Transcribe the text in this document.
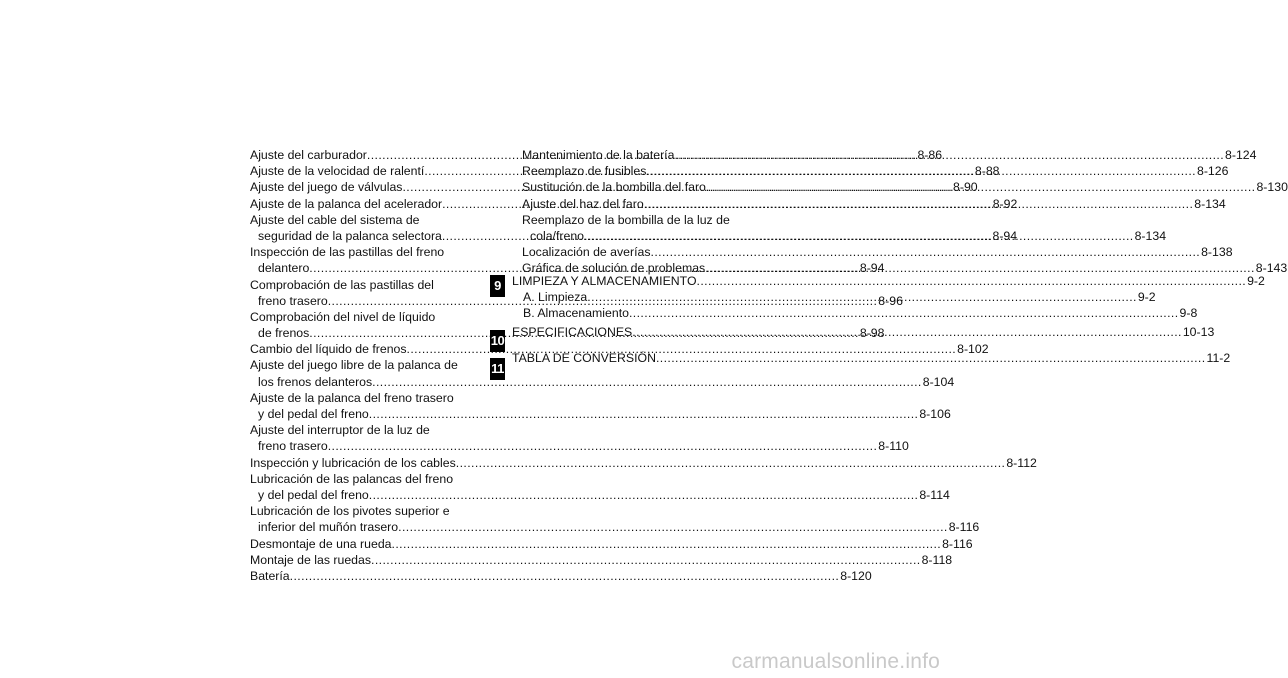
Ajuste del carburador .....	8-86
Ajuste de la velocidad de ralentí .....	8-88
Ajuste del juego de válvulas .....	8-90
Ajuste de la palanca del acelerador .....	8-92
Ajuste del cable del sistema de
seguridad de la palanca selectora .....	8-94
Inspección de las pastillas del freno
delantero .....	8-94
Comprobación de las pastillas del
freno trasero .....	8-96
Comprobación del nivel de líquido
de frenos .....	8-98
Cambio del líquido de frenos .....	8-102
Ajuste del juego libre de la palanca de
los frenos delanteros .....	8-104
Ajuste de la palanca del freno trasero
y del pedal del freno .....	8-106
Ajuste del interruptor de la luz de
freno trasero .....	8-110
Inspección y lubricación de los cables .....	8-112
Lubricación de las palancas del freno
y del pedal del freno .....	8-114
Lubricación de los pivotes superior e
inferior del muñón trasero .....	8-116
Desmontaje de una rueda .....	8-116
Montaje de las ruedas .....	8-118
Batería .....	8-120
Mantenimiento de la batería .....	8-124
Reemplazo de fusibles .....	8-126
Sustitución de la bombilla del faro .....	8-130
Ajuste del haz del faro .....	8-134
Reemplazo de la bombilla de la luz de
cola/freno .....	8-134
Localización de averías .....	8-138
Gráfica de solución de problemas .....	8-143
9 LIMPIEZA Y ALMACENAMIENTO .....	9-2
A. Limpieza .....	9-2
B. Almacenamiento .....	9-8
10
ESPECIFICACIONES .....	10-13
11
TABLA DE CONVERSIÓN .....	11-2
carmanualsonline.info
